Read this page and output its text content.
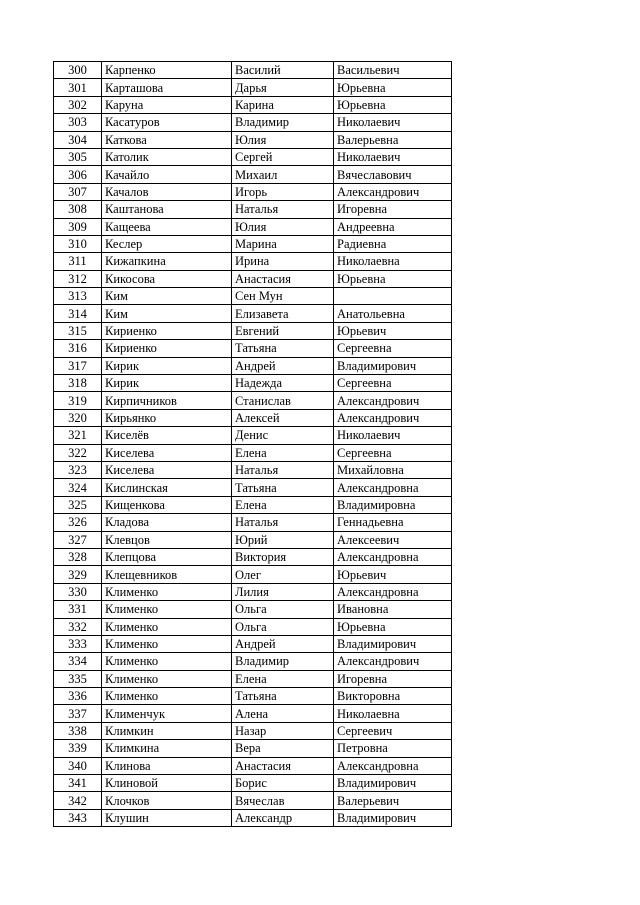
300	Карпенко	Василий	Васильевич
301	Карташова	Дарья	Юрьевна
302	Каруна	Карина	Юрьевна
303	Касатуров	Владимир	Николаевич
304	Каткова	Юлия	Валерьевна
305	Католик	Сергей	Николаевич
306	Качайло	Михаил	Вячеславович
307	Качалов	Игорь	Александрович
308	Каштанова	Наталья	Игоревна
309	Кащеева	Юлия	Андреевна
310	Кеслер	Марина	Радиевна
311	Кижапкина	Ирина	Николаевна
312	Кикосова	Анастасия	Юрьевна
313	Ким	Сен Мун	
314	Ким	Елизавета	Анатольевна
315	Кириенко	Евгений	Юрьевич
316	Кириенко	Татьяна	Сергеевна
317	Кирик	Андрей	Владимирович
318	Кирик	Надежда	Сергеевна
319	Кирпичников	Станислав	Александрович
320	Кирьянко	Алексей	Александрович
321	Киселёв	Денис	Николаевич
322	Киселева	Елена	Сергеевна
323	Киселева	Наталья	Михайловна
324	Кислинская	Татьяна	Александровна
325	Кищенкова	Елена	Владимировна
326	Кладова	Наталья	Геннадьевна
327	Клевцов	Юрий	Алексеевич
328	Клепцова	Виктория	Александровна
329	Клещевников	Олег	Юрьевич
330	Клименко	Лилия	Александровна
331	Клименко	Ольга	Ивановна
332	Клименко	Ольга	Юрьевна
333	Клименко	Андрей	Владимирович
334	Клименко	Владимир	Александрович
335	Клименко	Елена	Игоревна
336	Клименко	Татьяна	Викторовна
337	Клименчук	Алена	Николаевна
338	Климкин	Назар	Сергеевич
339	Климкина	Вера	Петровна
340	Клинова	Анастасия	Александровна
341	Клиновой	Борис	Владимирович
342	Клочков	Вячеслав	Валерьевич
343	Клушин	Александр	Владимирович
